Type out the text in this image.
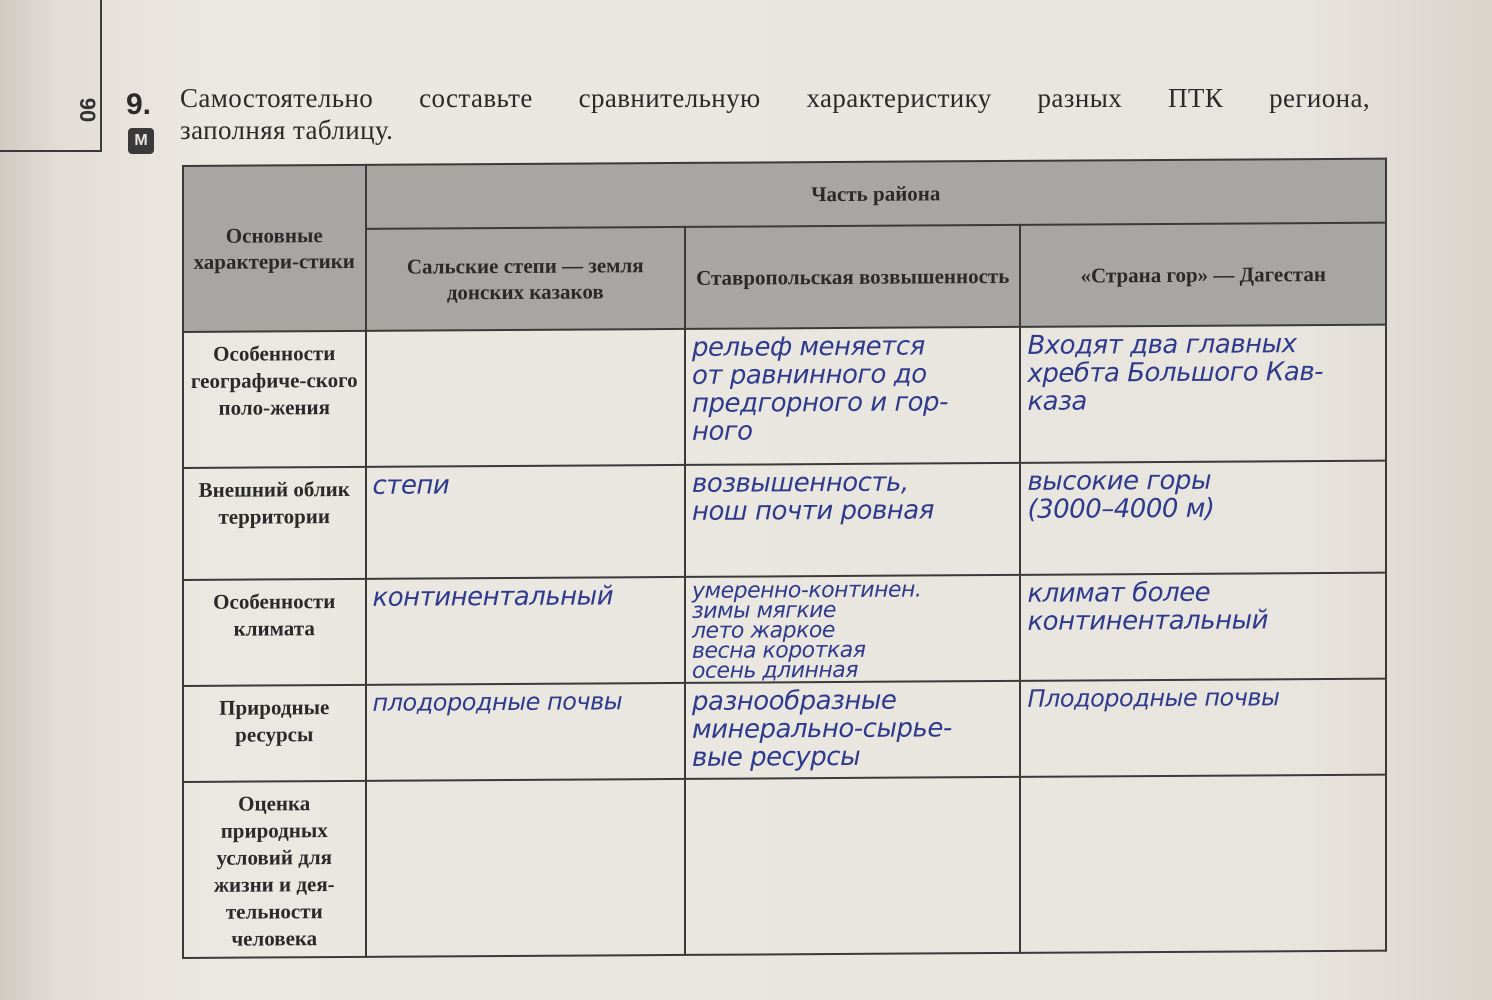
90 9.
М
Самостоятельно составьте сравнительную характеристику разных ПТК региона,
заполняя таблицу.
Основные характери-стики	Часть района		
	Сальские степи — земля донских казаков	Ставропольская возвышенность	«Страна гор» — Дагестан
Особенности географиче-ского поло-жения		рельеф меняется
от равнинного до
предгорного и гор-
ного	Входят два главных
хребта Большого Кав-
каза

Внешний облик территории	степи	возвышенность,
нош почти ровная	высокие горы
(3000–4000 м)

Особенности климата	континентальный	умеренно-континен.
зимы мягкие
лето жаркое
весна короткая
осень длинная	климат более
континентальный

Природные ресурсы	плодородные почвы	разнообразные
минерально-сырье-
вые ресурсы	Плодородные почвы

Оценка природных условий для жизни и дея-тельности человека			
